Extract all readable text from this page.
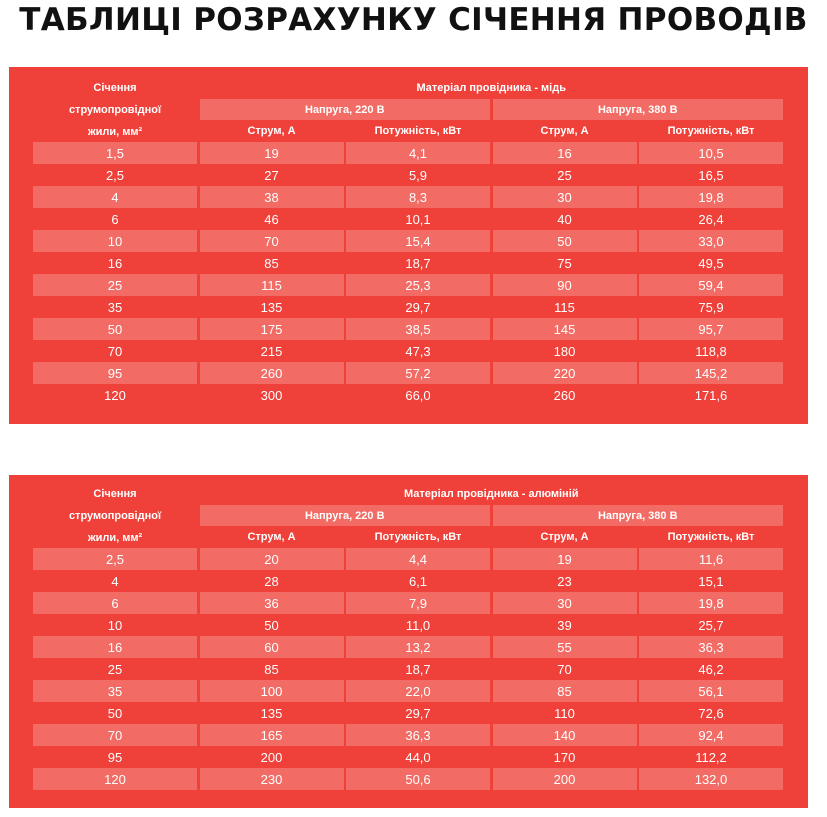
ТАБЛИЦІ РОЗРАХУНКУ СІЧЕННЯ ПРОВОДІВ
Січення
струмопровідної
жили, мм²
Матеріал провідника - мідь
Напруга, 220 В	Напруга, 380 В
Струм, А	Потужність, кВт	Струм, А	Потужність, кВт
1,5	19	4,1	16	10,5
2,5	27	5,9	25	16,5
4	38	8,3	30	19,8
6	46	10,1	40	26,4
10	70	15,4	50	33,0
16	85	18,7	75	49,5
25	115	25,3	90	59,4
35	135	29,7	115	75,9
50	175	38,5	145	95,7
70	215	47,3	180	118,8
95	260	57,2	220	145,2
120	300	66,0	260	171,6
Січення
струмопровідної
жили, мм²
Матеріал провідника - алюміній
Напруга, 220 В	Напруга, 380 В
Струм, А	Потужність, кВт	Струм, А	Потужність, кВт
2,5	20	4,4	19	11,6
4	28	6,1	23	15,1
6	36	7,9	30	19,8
10	50	11,0	39	25,7
16	60	13,2	55	36,3
25	85	18,7	70	46,2
35	100	22,0	85	56,1
50	135	29,7	110	72,6
70	165	36,3	140	92,4
95	200	44,0	170	112,2
120	230	50,6	200	132,0
